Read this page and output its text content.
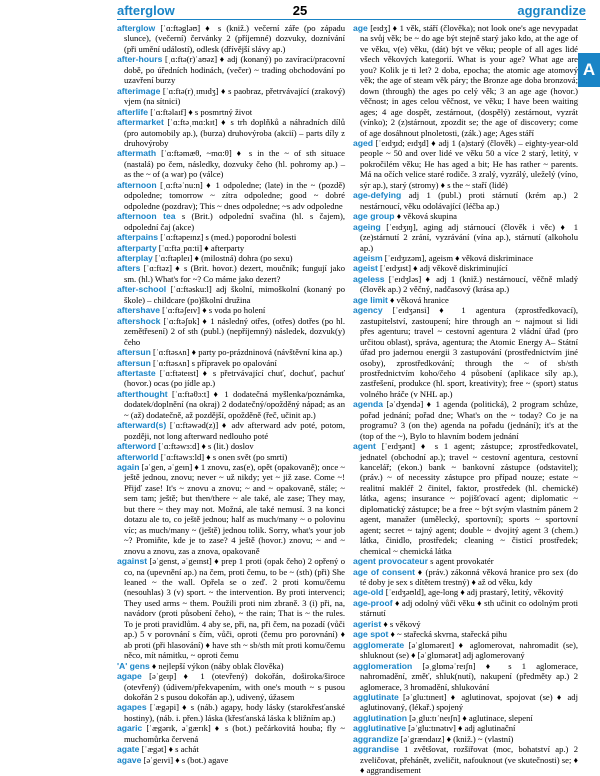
afterglow	25	aggrandize
A

afterglow [ˈɑ:ftəgləʊ] ♦ s (kniž.) večerní záře (po západu slunce), (večerní) červánky 2 (příjemné) dozvuky, doznívání (při umění událostí), odlesk (dřívější slávy ap.)

after-hours [ˌɑ:ftə(r)ˈaʊəz] ♦ adj (konaný) po zavírací/pracovní době, po úředních hodinách, (večer) ~ trading obchodování po uzavření burzy

afterimage [ˈɑ:ftə(r)ˌɪmɪdʒ] ♦ s paobraz, přetrvávající (zrakový) vjem (na sítnici)

afterlife [ˈɑ:ftəlaɪf] ♦ s posmrtný život

aftermarket [ˈɑ:ftəˌmɑ:kɪt] ♦ s trh doplňků a náhradních dílů (pro automobily ap.), (burza) druhovýroba (akcií) – parts díly z druhovýroby

aftermath [ˈɑ:ftəmæθ, ~mɑ:θ] ♦ s in the ~ of sth situace (nastalá) po čem, následky, dozvuky čeho (hl. pohromy ap.) – as the ~ of (a war) po (válce)

afternoon [ˌɑ:ftəˈnu:n] ♦ 1 odpoledne; (late) in the ~ (pozdě) odpoledne; tomorrow ~ zítra odpoledne; good ~ dobré odpoledne (pozdrav); This ~ dnes odpoledne; ~s adv odpoledne

afternoon tea s (Brit.) odpolední svačina (hl. s čajem), odpolední čaj (akce)

afterpains [ˈɑ:ftəpeɪnz] s (med.) poporodní bolesti

afterparty [ˈɑ:ftəˌpɑ:ti] ♦ afterparty

afterplay [ˈɑ:ftəpleɪ] ♦ (milostná) dohra (po sexu)

afters [ˈɑ:ftəz] ♦ s (Brit. hovor.) dezert, moučník; fungují jako sm. (hl.) What's for ~? Co máme jako dezert?

after-school [ˈɑ:ftəsku:l] adj školní, mimoškolní (konaný po škole) – childcare (po)školní družina

aftershave [ˈɑ:ftəʃeɪv] ♦ s voda po holení

aftershock [ˈɑ:ftəʃɒk] ♦ 1 následný otřes, (otřes) dotřes (po hl. zemětřesení) 2 of sth (publ.) (nepříjemný) následek, dozvuk(y) čeho

aftersun [ˈɑ:ftəsʌn] ♦ party po-prázdninová (návštěvní kina ap.)

aftersun [ˈɑ:ftəsʌn] s přípravek po opalování

aftertaste [ˈɑ:ftəteɪst] ♦ s přetrvávající chuť, dochuť, pachuť (hovor.) ocas (po jídle ap.)

afterthought [ˈɑ:ftəθɔ:t] ♦ 1 dodatečná myšlenka/poznámka, dodatek/doplnění (na okraj) 2 dodatečný/opožděný nápad; as an ~ (až) dodatečně, až pozdější, opožděně (řeč, učinit ap.)

afterward(s) [ˈɑ:ftəwəd(z)] ♦ adv afterward adv poté, potom, později, not long afterward nedlouho poté

afterword [ˈɑ:ftəwɜ:d] ♦ s (lit.) doslov

afterworld [ˈɑ:ftəwɜ:ld] ♦ s onen svět (po smrti)

again [əˈgen, əˈgeɪn] ♦ 1 znovu, zas(e), opět (opakovaně); once ~ ještě jednou, znovu; never ~ už nikdy; yet ~ již zase. Come ~! Přijď zase! It's ~ znovu a znovu; ~ and ~ opakovaně, stále; ~ sem tam; ještě; but then/there ~ ale také, ale zase; They may, but there ~ they may not. Možná, ale také nemusí. 3 na konci dotazu ale to, co ještě jednou; half as much/many ~ o polovinu víc; as much/many ~ (ještě) jednou tolik. Sorry, what's your job ~? Promiňte, kde je to zase? 4 ještě (hovor.) znovu; ~ and ~ znovu a znovu, zas a znova, opakovaně

against [əˈgenst, əˈgeɪnst] ♦ prep 1 proti (opak čeho) 2 opřený o co, na (upevnění ap.) na čem, proti čemu, to be ~ (sth) (při) She leaned ~ the wall. Opřela se o zeď. 2 proti komu/čemu (nesouhlas) 3 (v) sport. ~ the intervention. By proti intervenci; They used arms ~ them. Použili proti nim zbraně. 3 (i) při, na, navádorv (proti působení čeho), ~ the rain; That is ~ the rules. To je proti pravidlům. 4 aby se, při, na, při čem, na pozadí (vůči ap.) 5 v porovnání s čím, vůči, oproti (čemu pro porovnání) ♦ ab proti (při hlasování) ♦ have sth ~ sb/sth mít proti komu/čemu něco, mít námitku, ~ oproti čemu

'A' gens ♦ nejlepší výkon (náby oblak člověka)

agape [əˈgeɪp] ♦ 1 (otevřený) dokořán, doširoka/široce (otevřený) (údivem/překvapením, with one's mouth ~ s pusou dokořán 2 s pusou dokořán ap.), udivený, úžasem

agapes [ˈægəpi] ♦ s (náb.) agapy, hody lásky (starokřesťanské hostiny), (náb. i. přen.) láska (křesťanská láska k bližním ap.)

agaric [ˈægərɪk, əˈgærɪk] ♦ s (bot.) pečárkovitá houba; fly ~ muchomůrka červená

agate [ˈægət] ♦ s achát

agave [əˈgeɪvi] ♦ s (bot.) agave

age [eɪdʒ] ♦ 1 věk, stáří (člověka); not look one's age nevypadat na svůj věk; be ~ do age být stejně starý jako kdo, at the age of ve věku, v(e) věku, (dát) být ve věku; people of all ages lidé všech věkových kategorií. What is your age? What age are you? Kolik je ti let? 2 doba, epocha; the atomic age atomový věk; the age of steam věk páry; the Bronze age doba bronzová; down (through) the ages po celý věk; 3 an age age (hovor.) věčnost; in ages celou věčnost, ve věku; I have been waiting ages; 4 age dospět, zestárnout, (dospělý) zestárnout, vyzrát (vínko); 2 (z)stárnout, zpozdit se; the age of discovery; come of age dosáhnout plnoletosti, (zák.) age; Ages stáří

aged [ˈeɪdʒɪd; eɪdʒd] ♦ adj 1 (a)starý (člověk) – eighty-year-old people ~ 50 and over lidé ve věku 50 a více 2 starý, letitý, v pokročilém věku; He has aged a bit; He has rather ~ parents. Má na očích velice staré rodiče. 3 zralý, vyzrálý, uleželý (víno, sýr ap.), starý (stromy) ♦ s the ~ staří (lidé)

age-defying adj 1 (publ.) proti stárnutí (krém ap.) 2 nestárnoucí, věku odolávající (léčba ap.)

age group ♦ věková skupina

ageing [ˈeɪdʒɪŋ], aging adj stárnoucí (člověk i věc) ♦ 1 (ze)stárnutí 2 zrání, vyzrávání (vína ap.), stárnutí (alkoholu ap.)

ageism [ˈeɪdʒɪzəm], ageism ♦ věková diskriminace

ageist [ˈeɪdʒɪst] ♦ adj věkově diskriminující

ageless [ˈeɪdʒləs] ♦ adj 1 (kniž.) nestárnoucí, věčně mladý (člověk ap.) 2 věčný, nadčasový (krása ap.)

age limit ♦ věková hranice

agency [ˈeɪdʒənsi] ♦ 1 agentura (zprostředkovací), zastupitelství, zastoupení; hire through an ~ najmout si lidi přes agenturu; travel ~ cestovní agentura 2 vládní úřad (pro určitou oblast), správa, agentura; the Atomic Energy A– Státní úřad pro jadernou energii 3 zastupování (prostřednictvím jiné osoby), zprostředkování; through the ~ of sb/sth prostřednictvím koho/čeho 4 působení (aplikace síly ap.), zastřešení, produkce (hl. sport, kreativity); free ~ (sport) status volného hráče (v NHL ap.)

agenda [əˈdʒendə] ♦ 1 agenda (politická), 2 program schůze, pořad jednání; pořad dne; What's on the ~ today? Co je na programu? 3 (on the) agenda na pořadu (jednání); it's at the (top of the ~), Bylo to hlavním bodem jednání

agent [ˈeɪdʒənt] ♦ s 1 agent; zástupce; zprostředkovatel, jednatel (obchodní ap.); travel ~ cestovní agentura, cestovní kancelář; (ekon.) bank ~ bankovní zástupce (odstavitel); (práv.) ~ of necessity zástupce pro případ nouze; estate ~ realitní makléř 2 činitel, faktor, prostředek (hl. chemické) látka, agens; insurance ~ pojišťovací agent; diplomatic ~ diplomatický zástupce; be a free ~ být svým vlastním pánem 2 agent, manažer (umělecký, sportovní); sports ~ sportovní agent; secret ~ tajný agent; double ~ dvojitý agent 3 (chem.) látka, činidlo, prostředek; cleaning ~ čisticí prostředek; chemical ~ chemická látka

agent provocateur s agent provokatér

age of consent ♦ (práv.) zákonná věková hranice pro sex (do té doby je sex s dítětem trestný) ♦ až od věku, kdy

age-old [ˈeɪdʒəʊld], age-long ♦ adj prastarý, letitý, věkovitý

age-proof ♦ adj odolný vůči věku ♦ sth učinit co odolným proti stárnutí

agerist ♦ s věkový

age spot ♦ ~ stařecká skvrna, stařecká pihu

agglomerate [əˈglɒməreɪt] ♦ aglomerovat, nahromadit (se), shluknout (se) ♦ [əˈglɒmərət] adj aglomerovaný

agglomeration [əˌglɒməˈreɪʃn] ♦ s 1 aglomerace, nahromadění, změť, shluk(nutí), nakupení (předměty ap.) 2 aglomerace, 3 hromadění, shlukování

agglutinate [əˈglu:tɪneɪt] ♦ aglutinovat, spojovat (se) ♦ adj aglutinovaný, (lékař.) spojený

agglutination [əˌglu:tɪˈneɪʃn] ♦ aglutinace, slepení

agglutinative [əˈglu:tɪnətɪv] ♦ adj aglutinační

aggrandize [əˈgrændaɪz] ♦ (kniž.) ~ (vlastní)

aggrandise 1 zvětšovat, rozšiřovat (moc, bohatství ap.) 2 zveličovat, přehánět, zveličit, nafouknout (ve skutečnosti) se; ♦ ♦ aggrandisement
